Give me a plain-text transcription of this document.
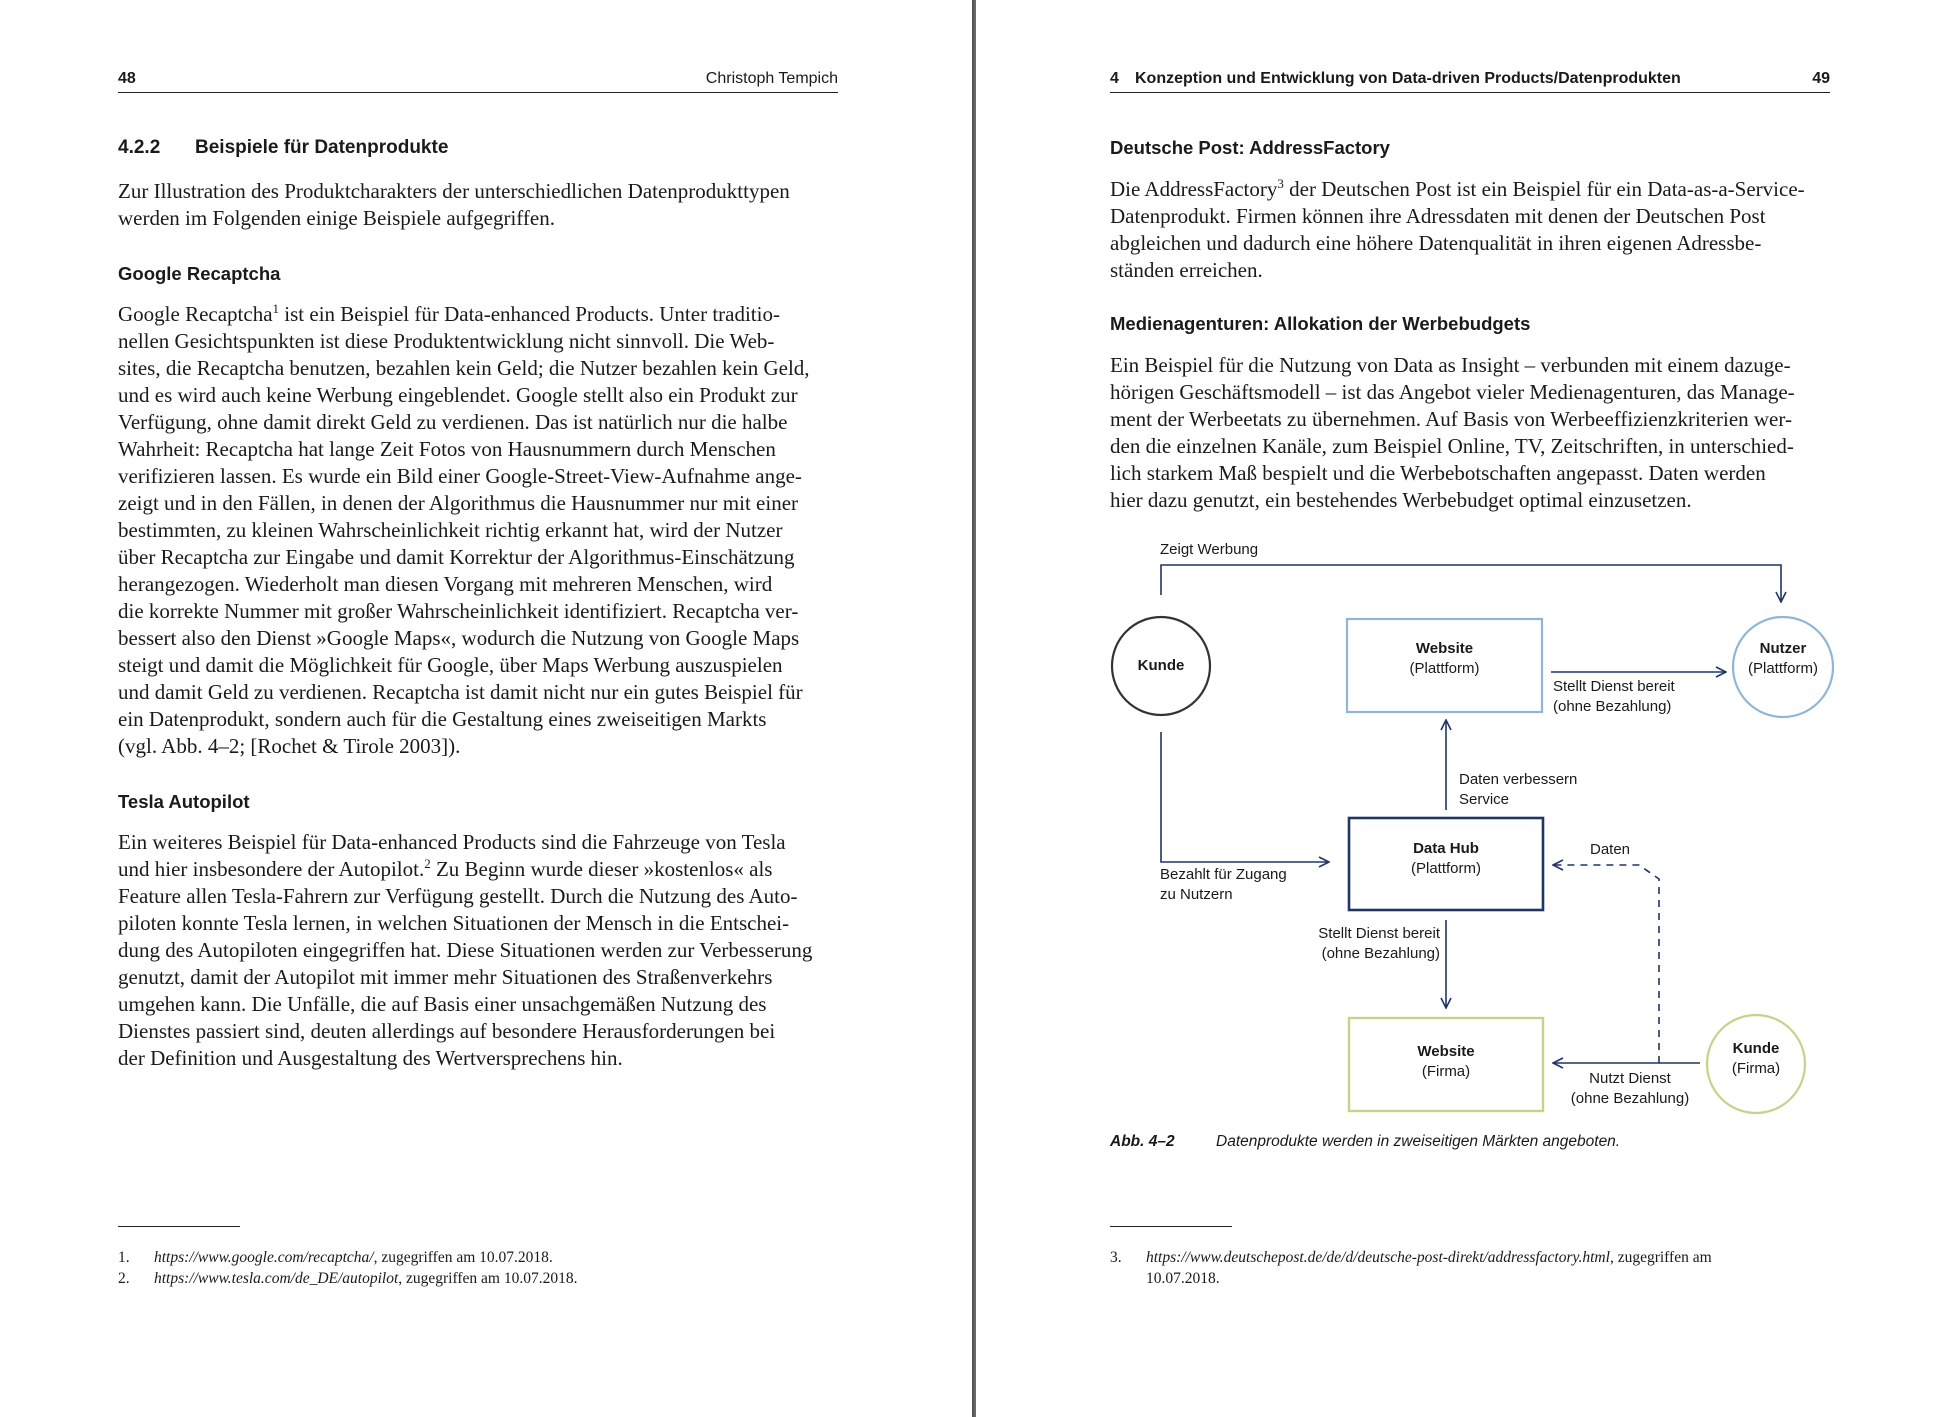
48	Christoph Tempich
4.2.2 Beispiele für Datenprodukte

Zur Illustration des Produktcharakters der unterschiedlichen Datenprodukttypen

werden im Folgenden einige Beispiele aufgegriffen.

Google Recaptcha

Google Recaptcha$^1$ ist ein Beispiel für Data-enhanced Products. Unter traditio-

nellen Gesichtspunkten ist diese Produktentwicklung nicht sinnvoll. Die Web-

sites, die Recaptcha benutzen, bezahlen kein Geld; die Nutzer bezahlen kein Geld,

und es wird auch keine Werbung eingeblendet. Google stellt also ein Produkt zur

Verfügung, ohne damit direkt Geld zu verdienen. Das ist natürlich nur die halbe

Wahrheit: Recaptcha hat lange Zeit Fotos von Hausnummern durch Menschen

verifizieren lassen. Es wurde ein Bild einer Google-Street-View-Aufnahme ange-

zeigt und in den Fällen, in denen der Algorithmus die Hausnummer nur mit einer

bestimmten, zu kleinen Wahrscheinlichkeit richtig erkannt hat, wird der Nutzer

über Recaptcha zur Eingabe und damit Korrektur der Algorithmus-Einschätzung

herangezogen. Wiederholt man diesen Vorgang mit mehreren Menschen, wird

die korrekte Nummer mit großer Wahrscheinlichkeit identifiziert. Recaptcha ver-

bessert also den Dienst »Google Maps«, wodurch die Nutzung von Google Maps

steigt und damit die Möglichkeit für Google, über Maps Werbung auszuspielen

und damit Geld zu verdienen. Recaptcha ist damit nicht nur ein gutes Beispiel für

ein Datenprodukt, sondern auch für die Gestaltung eines zweiseitigen Markts

(vgl. Abb. 4–2; [Rochet & Tirole 2003]).

Tesla Autopilot

Ein weiteres Beispiel für Data-enhanced Products sind die Fahrzeuge von Tesla

und hier insbesondere der Autopilot.$^2$ Zu Beginn wurde dieser »kostenlos« als

Feature allen Tesla-Fahrern zur Verfügung gestellt. Durch die Nutzung des Auto-

piloten konnte Tesla lernen, in welchen Situationen der Mensch in die Entschei-

dung des Autopiloten eingegriffen hat. Diese Situationen werden zur Verbesserung

genutzt, damit der Autopilot mit immer mehr Situationen des Straßenverkehrs

umgehen kann. Die Unfälle, die auf Basis einer unsachgemäßen Nutzung des

Dienstes passiert sind, deuten allerdings auf besondere Herausforderungen bei

der Definition und Ausgestaltung des Wertversprechens hin.

1. https://www.google.com/recaptcha/, zugegriffen am 10.07.2018.
2. https://www.tesla.com/de_DE/autopilot, zugegriffen am 10.07.2018.
4 Konzeption und Entwicklung von Data-driven Products/Datenprodukten	49
Deutsche Post: AddressFactory

Die AddressFactory$^3$ der Deutschen Post ist ein Beispiel für ein Data-as-a-Service-

Datenprodukt. Firmen können ihre Adressdaten mit denen der Deutschen Post

abgleichen und dadurch eine höhere Datenqualität in ihren eigenen Adressbe-

ständen erreichen.

Medienagenturen: Allokation der Werbebudgets

Ein Beispiel für die Nutzung von Data as Insight – verbunden mit einem dazuge-

hörigen Geschäftsmodell – ist das Angebot vieler Medienagenturen, das Manage-

ment der Werbeetats zu übernehmen. Auf Basis von Werbeeffizienzkriterien wer-

den die einzelnen Kanäle, zum Beispiel Online, TV, Zeitschriften, in unterschied-

lich starkem Maß bespielt und die Werbebotschaften angepasst. Daten werden

hier dazu genutzt, ein bestehendes Werbebudget optimal einzusetzen.

Zeigt Werbung
Kunde
Website
(Plattform)
Nutzer
(Plattform)
Stellt Dienst bereit
(ohne Bezahlung)
Daten verbessern
Service
Data Hub
(Plattform)
Daten
Bezahlt für Zugang
zu Nutzern
Stellt Dienst bereit
(ohne Bezahlung)
Website
(Firma)	Nutzt Dienst
(ohne Bezahlung)
Kunde
(Firma)
Abb. 4–2	Datenprodukte werden in zweiseitigen Märkten angeboten.
3. https://www.deutschepost.de/de/d/deutsche-post-direkt/addressfactory.html, zugegriffen am
10.07.2018.
